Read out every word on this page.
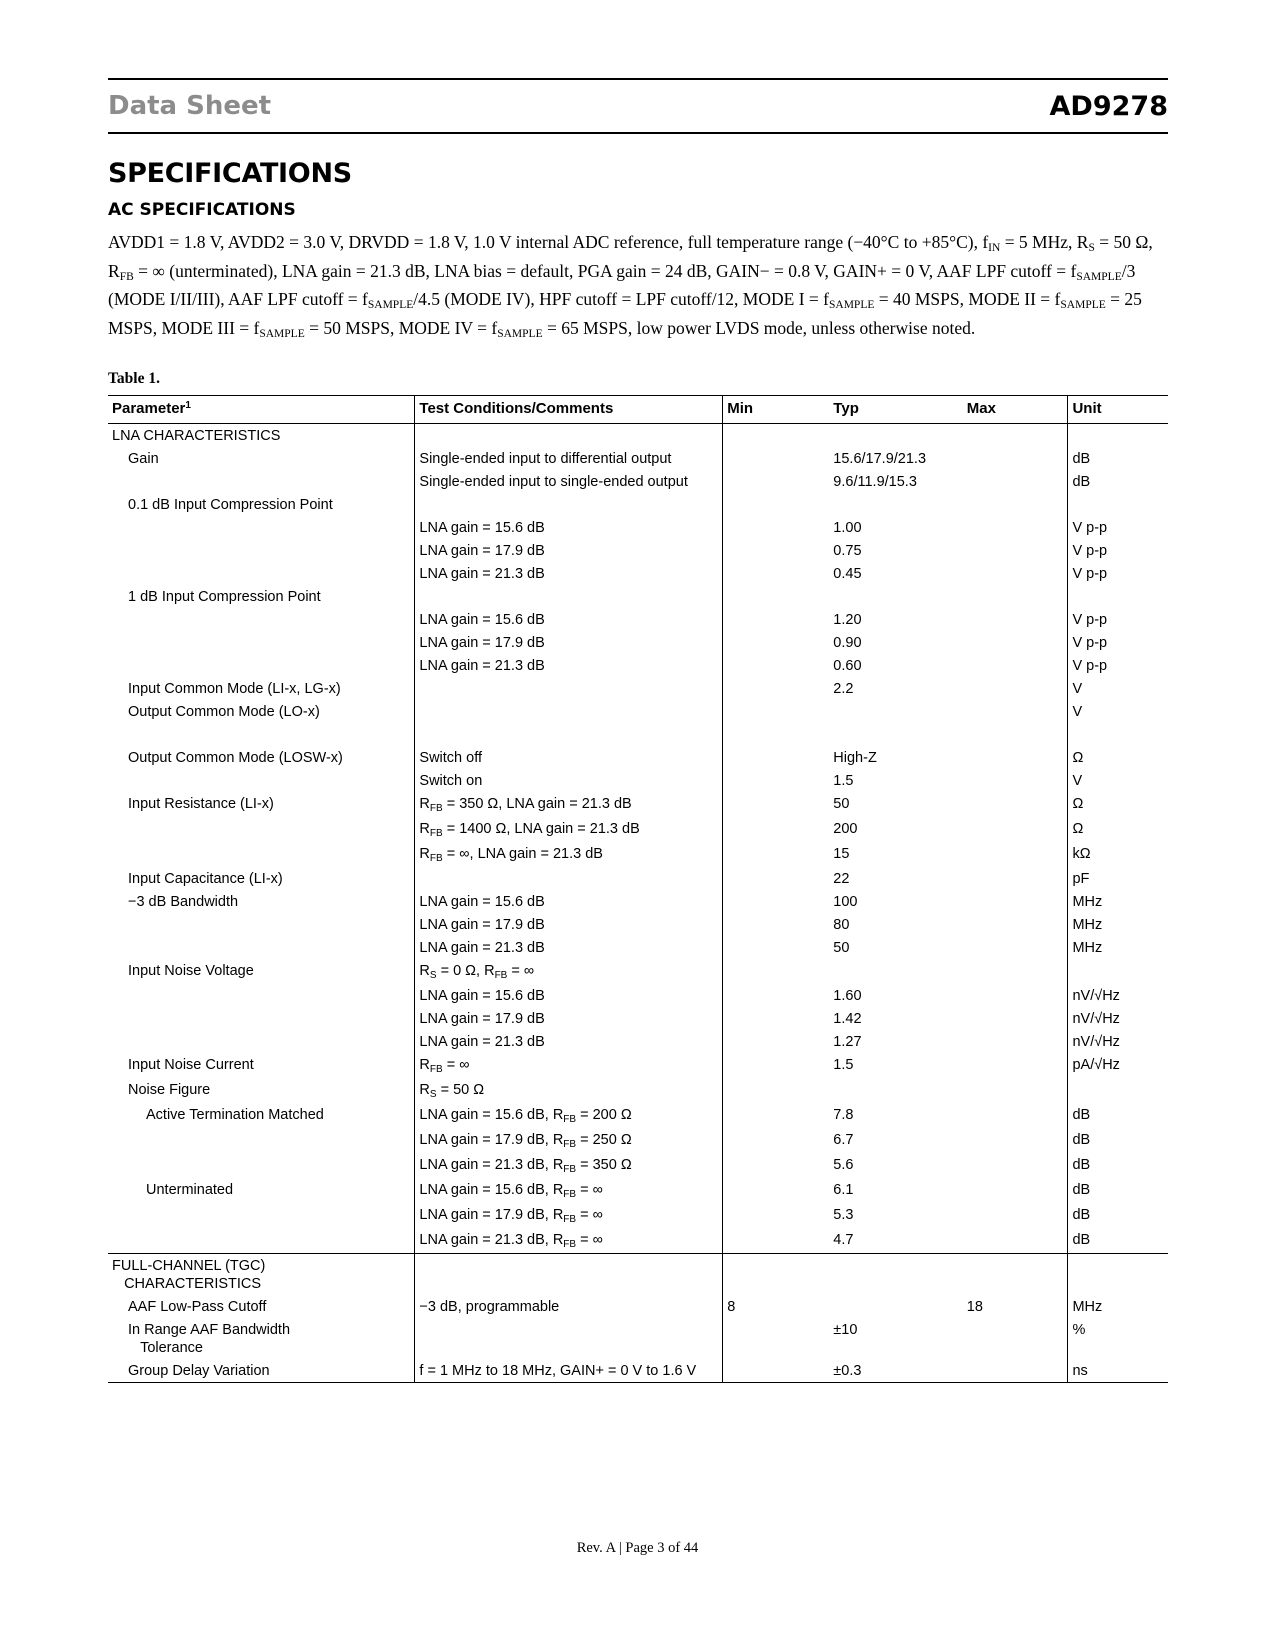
Data Sheet	AD9278
SPECIFICATIONS
AC SPECIFICATIONS
AVDD1 = 1.8 V, AVDD2 = 3.0 V, DRVDD = 1.8 V, 1.0 V internal ADC reference, full temperature range (−40°C to +85°C), $f_{IN} = 5$ MHz, $R_S = 50$ Ω, $R_{FB}$ = ∞ (unterminated), LNA gain = 21.3 dB, LNA bias = default, PGA gain = 24 dB, GAIN− = 0.8 V, GAIN+ = 0 V, AAF LPF cutoff = $f_{SAMPLE}/3$ (MODE I/II/III), AAF LPF cutoff = $f_{SAMPLE}/4.5$ (MODE IV), HPF cutoff = LPF cutoff/12, MODE $I = f_{SAMPLE} = 40$ MSPS, MODE II = $f_{SAMPLE} = 25$ MSPS, MODE III = $f_{SAMPLE} = 50$ MSPS, MODE IV = $f_{SAMPLE} = 65$ MSPS, low power LVDS mode, unless otherwise noted.
Table 1.
Parameter$^1$	Test Conditions/Comments	Min	Typ	Max	Unit
LNA CHARACTERISTICS					
Gain	Single-ended input to differential output		15.6/17.9/21.3		dB
	Single-ended input to single-ended output		9.6/11.9/15.3		dB
0.1 dB Input Compression Point					
	LNA gain = 15.6 dB		1.00		V p-p
	LNA gain = 17.9 dB		0.75		V p-p
	LNA gain = 21.3 dB		0.45		V p-p
1 dB Input Compression Point					
	LNA gain = 15.6 dB		1.20		V p-p
	LNA gain = 17.9 dB		0.90		V p-p
	LNA gain = 21.3 dB		0.60		V p-p
Input Common Mode (LI-x, LG-x)			2.2		V
Output Common Mode (LO-x)					V

Output Common Mode (LOSW-x)	Switch off		High-Z		Ω
	Switch on		1.5		V
Input Resistance (LI-x)	$R_{FB} = 350$ Ω, LNA gain = 21.3 dB		50		Ω
	$R_{FB} = 1400$ Ω, LNA gain = 21.3 dB		200		Ω
	$R_{FB}$ = ∞, LNA gain = 21.3 dB		15		kΩ
Input Capacitance (LI-x)			22		pF
−3 dB Bandwidth	LNA gain = 15.6 dB		100		MHz
	LNA gain = 17.9 dB		80		MHz
	LNA gain = 21.3 dB		50		MHz
Input Noise Voltage	$R_S = 0$ Ω, $R_{FB}$ = ∞				
	LNA gain = 15.6 dB		1.60		nV/√Hz
	LNA gain = 17.9 dB		1.42		nV/√Hz
	LNA gain = 21.3 dB		1.27		nV/√Hz
Input Noise Current	$R_{FB}$ = ∞		1.5		pA/√Hz
Noise Figure	$R_S = 50$ Ω				
Active Termination Matched	LNA gain = 15.6 dB, $R_{FB} = 200$ Ω		7.8		dB
	LNA gain = 17.9 dB, $R_{FB} = 250$ Ω		6.7		dB
	LNA gain = 21.3 dB, $R_{FB} = 350$ Ω		5.6		dB
Unterminated	LNA gain = 15.6 dB, $R_{FB}$ = ∞		6.1		dB
	LNA gain = 17.9 dB, $R_{FB}$ = ∞		5.3		dB
	LNA gain = 21.3 dB, $R_{FB}$ = ∞		4.7		dB
FULL-CHANNEL (TGC)
CHARACTERISTICS					
AAF Low-Pass Cutoff	−3 dB, programmable	8		18	MHz
In Range AAF Bandwidth
Tolerance			±10		%
Group Delay Variation	f = 1 MHz to 18 MHz, GAIN+ = 0 V to 1.6 V		±0.3		ns
Rev. A | Page 3 of 44
